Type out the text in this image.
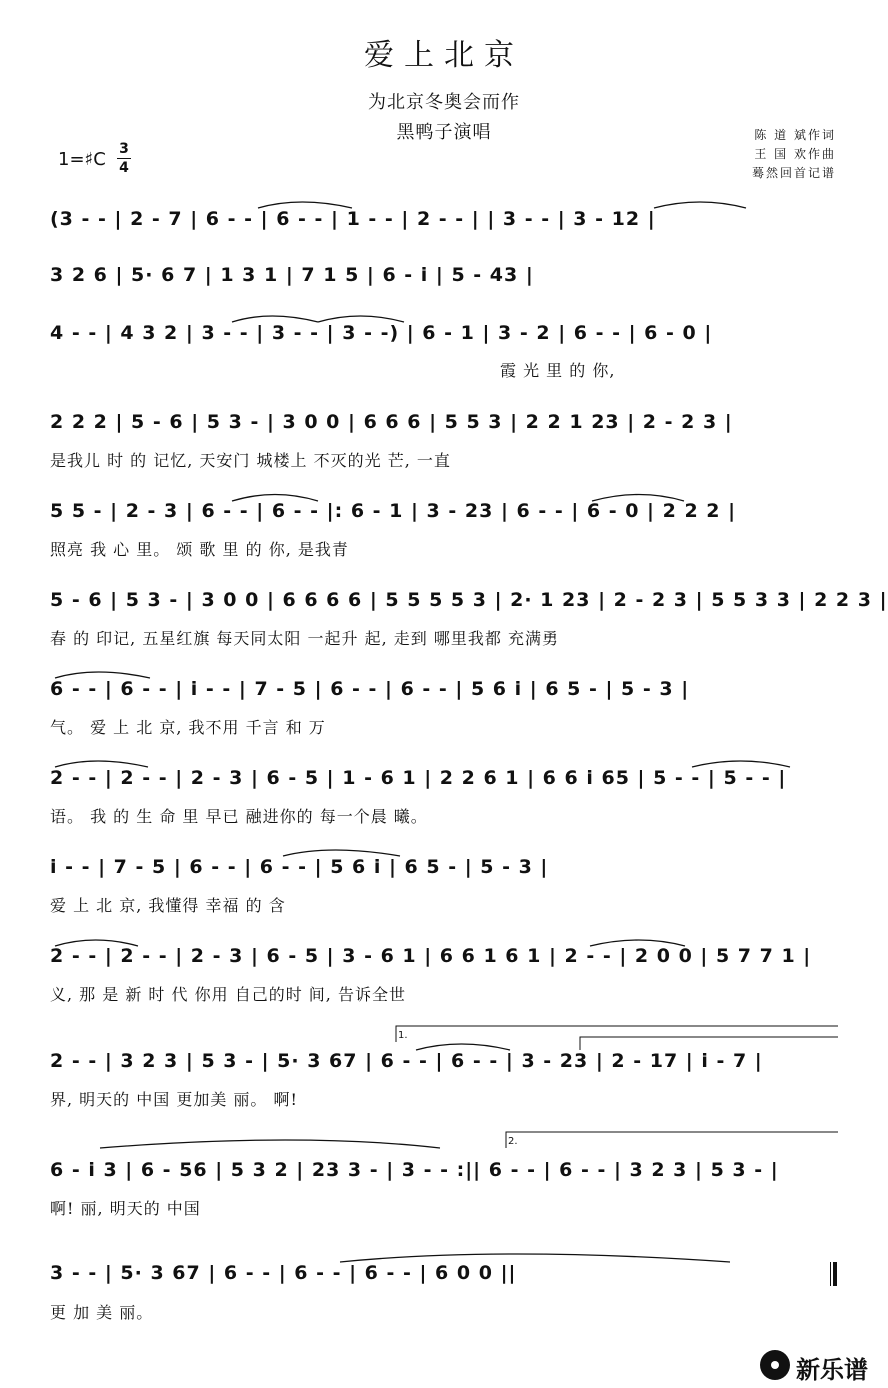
爱上北京
为北京冬奥会而作
黑鸭子演唱	陈 道 斌作词
王 国 欢作曲
蓦然回首记谱
1=♯C 3
4
(3 - - | 2 - 7 | 6 - - | 6 - - | 1 - - | 2 - - | | 3 - - | 3 - 12 |
3 2 6 | 5· 6 7 | 1 3 1 | 7 1 5 | 6 - i | 5 - 43 |
4 - - | 4 3 2 | 3 - - | 3 - - | 3 - -) | 6 - 1 | 3 - 2 | 6 - - | 6 - 0 |
霞 光 里 的 你,
2 2 2 | 5 - 6 | 5 3 - | 3 0 0 | 6 6 6 | 5 5 3 | 2 2 1 23 | 2 - 2 3 |
是我儿 时 的 记忆, 天安门 城楼上 不灭的光 芒, 一直
5 5 - | 2 - 3 | 6 - - | 6 - - |: 6 - 1 | 3 - 23 | 6 - - | 6 - 0 | 2 2 2 |
照亮 我 心 里。 颂 歌 里 的 你, 是我青
5 - 6 | 5 3 - | 3 0 0 | 6 6 6 6 | 5 5 5 5 3 | 2· 1 23 | 2 - 2 3 | 5 5 3 3 | 2 2 3 |
春 的 印记, 五星红旗 每天同太阳 一起升 起, 走到 哪里我都 充满勇
6 - - | 6 - - | i - - | 7 - 5 | 6 - - | 6 - - | 5 6 i | 6 5 - | 5 - 3 |
气。 爱 上 北 京, 我不用 千言 和 万
2 - - | 2 - - | 2 - 3 | 6 - 5 | 1 - 6 1 | 2 2 6 1 | 6 6 i 65 | 5 - - | 5 - - |
语。 我 的 生 命 里 早已 融进你的 每一个晨 曦。
i - - | 7 - 5 | 6 - - | 6 - - | 5 6 i | 6 5 - | 5 - 3 |
爱 上 北 京, 我懂得 幸福 的 含
2 - - | 2 - - | 2 - 3 | 6 - 5 | 3 - 6 1 | 6 6 1 6 1 | 2 - - | 2 0 0 | 5 7 7 1 |
义, 那 是 新 时 代 你用 自己的时 间, 告诉全世
2 - - | 3 2 3 | 5 3 - | 5· 3 67 | 6 - - | 6 - - | 3 - 23 | 2 - 17 | i - 7 |
界, 明天的 中国 更加美 丽。 啊!
6 - i 3 | 6 - 56 | 5 3 2 | 23 3 - | 3 - - :|| 6 - - | 6 - - | 3 2 3 | 5 3 - |
啊! 丽, 明天的 中国
3 - - | 5· 3 67 | 6 - - | 6 - - | 6 - - | 6 0 0 ||
更 加 美 丽。
1.
2.
新乐谱
